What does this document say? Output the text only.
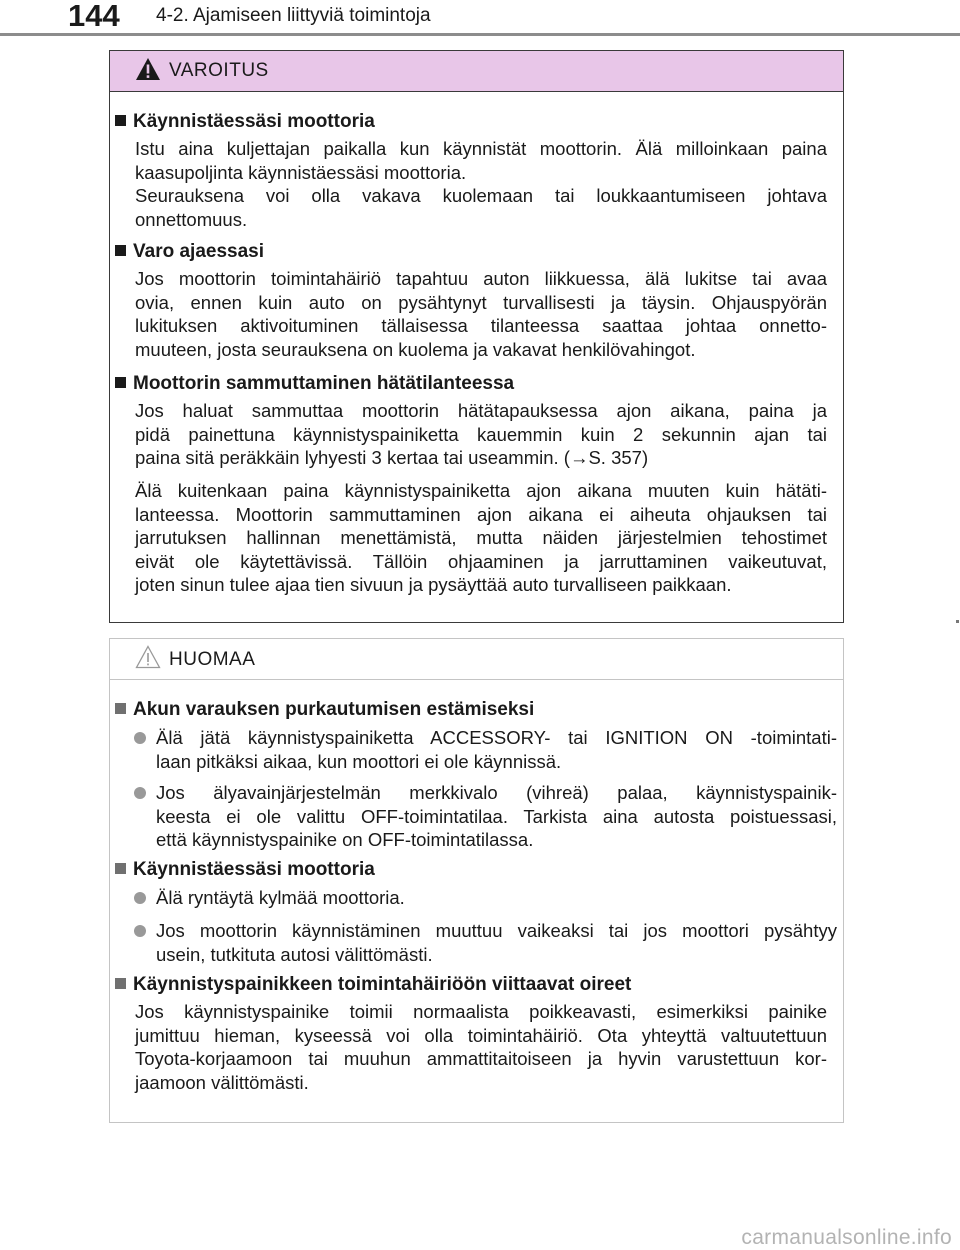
144 4-2. Ajamiseen liittyviä toimintoja
VAROITUS
Käynnistäessäsi moottoria
Istu aina kuljettajan paikalla kun käynnistät moottorin. Älä milloinkaan paina
kaasupoljinta käynnistäessäsi moottoria.
Seurauksena voi olla vakava kuolemaan tai loukkaantumiseen johtava
onnettomuus.
Varo ajaessasi
Jos moottorin toimintahäiriö tapahtuu auton liikkuessa, älä lukitse tai avaa
ovia, ennen kuin auto on pysähtynyt turvallisesti ja täysin. Ohjauspyörän
lukituksen aktivoituminen tällaisessa tilanteessa saattaa johtaa onnetto-
muuteen, josta seurauksena on kuolema ja vakavat henkilövahingot.
Moottorin sammuttaminen hätätilanteessa
Jos haluat sammuttaa moottorin hätätapauksessa ajon aikana, paina ja
pidä painettuna käynnistyspainiketta kauemmin kuin 2 sekunnin ajan tai
paina sitä peräkkäin lyhyesti 3 kertaa tai useammin. (→S. 357)
Älä kuitenkaan paina käynnistyspainiketta ajon aikana muuten kuin hätäti-
lanteessa. Moottorin sammuttaminen ajon aikana ei aiheuta ohjauksen tai
jarrutuksen hallinnan menettämistä, mutta näiden järjestelmien tehostimet
eivät ole käytettävissä. Tällöin ohjaaminen ja jarruttaminen vaikeutuvat,
joten sinun tulee ajaa tien sivuun ja pysäyttää auto turvalliseen paikkaan.
HUOMAA
Akun varauksen purkautumisen estämiseksi
Älä jätä käynnistyspainiketta ACCESSORY- tai IGNITION ON -toimintati-
laan pitkäksi aikaa, kun moottori ei ole käynnissä.
Jos älyavainjärjestelmän merkkivalo (vihreä) palaa, käynnistyspainik-
keesta ei ole valittu OFF-toimintatilaa. Tarkista aina autosta poistuessasi,
että käynnistyspainike on OFF-toimintatilassa.
Käynnistäessäsi moottoria
Älä ryntäytä kylmää moottoria.
Jos moottorin käynnistäminen muuttuu vaikeaksi tai jos moottori pysähtyy
usein, tutkituta autosi välittömästi.
Käynnistyspainikkeen toimintahäiriöön viittaavat oireet
Jos käynnistyspainike toimii normaalista poikkeavasti, esimerkiksi painike
jumittuu hieman, kyseessä voi olla toimintahäiriö. Ota yhteyttä valtuutettuun
Toyota-korjaamoon tai muuhun ammattitaitoiseen ja hyvin varustettuun kor-
jaamoon välittömästi.
carmanualsonline.info
